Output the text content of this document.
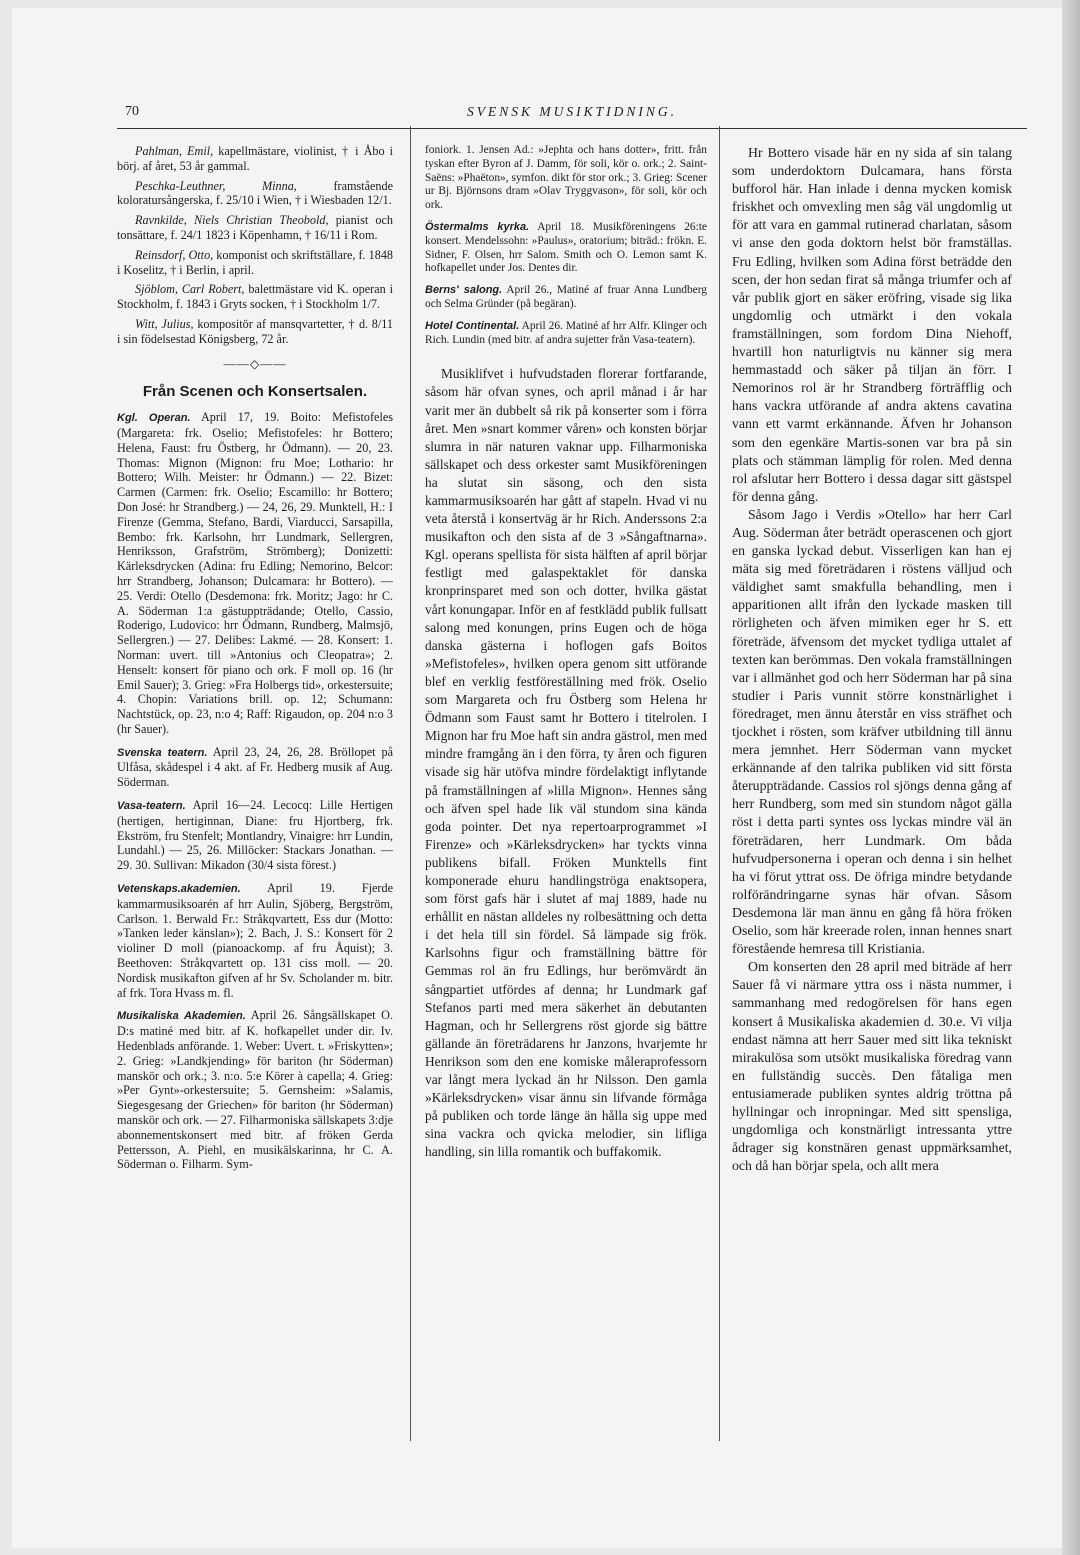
70	SVENSK MUSIKTIDNING.

Pahlman, Emil, kapellmästare, violinist, † i Åbo i börj. af året, 53 år gammal.

Peschka-Leuthner, Minna,	framstående koloratursångerska, f. 25/10 i Wien, † i Wiesbaden 12/1.

Ravnkilde, Niels Christian Theobold, pianist och tonsättare, f. 24/1 1823 i Köpenhamn, † 16/11 i Rom.

Reinsdorf, Otto, komponist och skriftställare, f. 1848 i Koselitz, † i Berlin, i april.

Sjöblom, Carl Robert, balettmästare vid K. operan i Stockholm, f. 1843 i Gryts socken, † i Stockholm 1/7.

Witt, Julius, kompositör af mansqvartetter, † d. 8/11 i sin födelsestad Königsberg, 72 år.

——◇——
Från Scenen och Konsertsalen.

Kgl. Operan. April 17, 19. Boito: Mefistofeles (Margareta: frk. Oselio; Mefistofeles: hr Bottero; Helena, Faust: fru Östberg, hr Ödmann). — 20, 23. Thomas: Mignon (Mignon: fru Moe; Lothario: hr Bottero; Wilh. Meister: hr Ödmann.) — 22. Bizet: Carmen (Carmen: frk. Oselio; Escamillo: hr Bottero; Don José: hr Strandberg.) — 24, 26, 29. Munktell, H.: I Firenze (Gemma, Stefano, Bardi, Viarducci, Sarsapilla, Bembo: frk. Karlsohn, hrr Lundmark, Sellergren, Henriksson, Grafström, Strömberg); Donizetti: Kärleksdrycken (Adina: fru Edling; Nemorino, Belcor: hrr Strandberg, Johanson; Dulcamara: hr Bottero). — 25. Verdi: Otello (Desdemona: frk. Moritz; Jago: hr C. A. Söderman 1:a gästuppträdande; Otello, Cassio, Roderigo, Ludovico: hrr Ödmann, Rundberg, Malmsjö, Sellergren.) — 27. Delibes: Lakmé. — 28. Konsert: 1. Norman: uvert. till »Antonius och Cleopatra»; 2. Henselt: konsert för piano och ork. F moll op. 16 (hr Emil Sauer); 3. Grieg: »Fra Holbergs tid», orkestersuite; 4. Chopin: Variations brill. op. 12; Schumann: Nachtstück, op. 23, n:o 4; Raff: Rigaudon, op. 204 n:o 3 (hr Sauer).

Svenska teatern. April 23, 24, 26, 28. Bröllopet på Ulfåsa, skådespel i 4 akt. af Fr. Hedberg musik af Aug. Söderman.

Vasa-teatern. April 16—24. Lecocq: Lille Hertigen (hertigen, hertiginnan, Diane: fru Hjortberg, frk. Ekström, fru Stenfelt; Montlandry, Vinaigre: hrr Lundin, Lundahl.) — 25, 26. Millöcker: Stackars Jonathan. — 29. 30. Sullivan: Mikadon (30/4 sista förest.)

Vetenskaps.akademien. April 19. Fjerde kammarmusiksoarén af hrr Aulin, Sjöberg, Bergström, Carlson. 1. Berwald Fr.: Stråkqvartett, Ess dur (Motto: »Tanken leder känslan»); 2. Bach, J. S.: Konsert för 2 violiner D moll (pianoackomp. af fru Åquist); 3. Beethoven: Stråkqvartett op. 131 ciss moll. — 20. Nordisk musikafton gifven af hr Sv. Scholander m. bitr. af frk. Tora Hvass m. fl.

Musikaliska Akademien. April 26. Sångsällskapet O. D:s matiné med bitr. af K. hofkapellet under dir. Iv. Hedenblads anförande. 1. Weber: Uvert. t. »Friskytten»; 2. Grieg: »Landkjending» för bariton (hr Söderman) manskör och ork.; 3. n:o. 5:e Körer à capella; 4. Grieg: »Per Gynt»-orkestersuite; 5. Gernsheim: »Salamis, Siegesgesang der Griechen» för bariton (hr Söderman) manskör och ork. — 27. Filharmoniska sällskapets 3:dje abonnementskonsert med bitr. af fröken Gerda Pettersson, A. Piehl, en musikälskarinna, hr C. A. Söderman o. Filharm. Sym-

foniork. 1. Jensen Ad.: »Jephta och hans dotter», fritt. från tyskan efter Byron af J. Damm, för soli, kör o. ork.; 2. Saint-Saëns: »Phaëton», symfon. dikt för stor ork.; 3. Grieg: Scener ur Bj. Björnsons dram »Olav Tryggvason», för soli, kör och ork.

Östermalms kyrka. April 18. Musikföreningens 26:te konsert. Mendelssohn: »Paulus», oratorium; biträd.: frökn. E. Sidner, F. Olsen, hrr Salom. Smith och O. Lemon samt K. hofkapellet under Jos. Dentes dir.

Berns' salong. April 26., Matiné af fruar Anna Lundberg och Selma Gründer (på begäran).

Hotel Continental. April 26. Matiné af hrr Alfr. Klinger och Rich. Lundin (med bitr. af andra sujetter från Vasa-teatern).

Musiklifvet i hufvudstaden florerar fortfarande, såsom här ofvan synes, och april månad i år har varit mer än dubbelt så rik på konserter som i förra året. Men »snart kommer våren» och konsten börjar slumra in när naturen vaknar upp. Filharmoniska sällskapet och dess orkester samt Musikföreningen ha slutat sin säsong, och den sista kammarmusiksoarén har gått af stapeln. Hvad vi nu veta återstå i konsertväg är hr Rich. Anderssons 2:a musikafton och den sista af de 3 »Sångaftnarna». Kgl. operans spellista för sista hälften af april börjar festligt med galaspektaklet för danska kronprinsparet med son och dotter, hvilka gästat vårt konungapar. Inför en af festklädd publik fullsatt salong med konungen, prins Eugen och de höga danska gästerna i hoflogen gafs Boitos »Mefistofeles», hvilken opera genom sitt utförande blef en verklig festföreställning med frök. Oselio som Margareta och fru Östberg som Helena hr Ödmann som Faust samt hr Bottero i titelrolen. I Mignon har fru Moe haft sin andra gästrol, men med mindre framgång än i den förra, ty åren och figuren visade sig här utöfva mindre fördelaktigt inflytande på framställningen af »lilla Mignon». Hennes sång och äfven spel hade lik väl stundom sina kända goda pointer. Det nya repertoarprogrammet »I Firenze» och »Kärleksdrycken» har tyckts vinna publikens bifall. Fröken Munktells fint komponerade ehuru handlingströga enaktsopera, som först gafs här i slutet af maj 1889, hade nu erhållit en nästan alldeles ny rolbesättning och detta i det hela till sin fördel. Så lämpade sig frök. Karlsohns figur och framställning bättre för Gemmas rol än fru Edlings, hur berömvärdt än sångpartiet utfördes af denna; hr Lundmark gaf Stefanos parti med mera säkerhet än debutanten Hagman, och hr Sellergrens röst gjorde sig bättre gällande än företrädarens hr Janzons, hvarjemte hr Henrikson som den ene komiske måleraprofessorn var långt mera lyckad än hr Nilsson. Den gamla »Kärleksdrycken» visar ännu sin lifvande förmåga på publiken och torde länge än hålla sig uppe med sina vackra och qvicka melodier, sin lifliga handling, sin lilla romantik och buffakomik.

Hr Bottero visade här en ny sida af sin talang som underdoktorn Dulcamara, hans första bufforol här. Han inlade i denna mycken komisk friskhet och omvexling men såg väl ungdomlig ut för att vara en gammal rutinerad charlatan, såsom vi anse den goda doktorn helst bör framställas. Fru Edling, hvilken som Adina först beträdde den scen, der hon sedan firat så många triumfer och af vår publik gjort en säker eröfring, visade sig lika ungdomlig och utmärkt i den vokala framställningen, som fordom Dina Niehoff, hvartill hon naturligtvis nu känner sig mera hemmastadd och säker på tiljan än förr. I Nemorinos rol är hr Strandberg förträfflig och hans vackra utförande af andra aktens cavatina vann ett varmt erkännande. Äfven hr Johanson som den egenkäre Martis-sonen var bra på sin plats och stämman lämplig för rolen. Med denna rol afslutar herr Bottero i dessa dagar sitt gästspel för denna gång.

Såsom Jago i Verdis »Otello» har herr Carl Aug. Söderman åter beträdt operascenen och gjort en ganska lyckad debut. Visserligen kan han ej mäta sig med företrädaren i röstens välljud och väldighet samt smakfulla behandling, men i apparitionen allt ifrån den lyckade masken till rörligheten och äfven mimiken eger hr S. ett företräde, äfvensom det mycket tydliga uttalet af texten kan berömmas. Den vokala framställningen var i allmänhet god och herr Söderman har på sina studier i Paris vunnit större konstnärlighet i föredraget, men ännu återstår en viss sträfhet och tjockhet i rösten, som kräfver utbildning till ännu mera jemnhet. Herr Söderman vann mycket erkännande af den talrika publiken vid sitt första återuppträdande. Cassios rol sjöngs denna gång af herr Rundberg, som med sin stundom något gälla röst i detta parti syntes oss lyckas mindre väl än företrädaren, herr Lundmark. Om båda hufvudpersonerna i operan och denna i sin helhet ha vi förut yttrat oss. De öfriga mindre betydande rolförändringarne synas här ofvan. Såsom Desdemona lär man ännu en gång få höra fröken Oselio, som här kreerade rolen, innan hennes snart förestående hemresa till Kristiania.

Om konserten den 28 april med biträde af herr Sauer få vi närmare yttra oss i nästa nummer, i sammanhang med redogörelsen för hans egen konsert å Musikaliska akademien d. 30.e. Vi vilja endast nämna att herr Sauer med sitt lika tekniskt mirakulösa som utsökt musikaliska föredrag vann en fullständig succès. Den fåtaliga men entusiamerade publiken syntes aldrig tröttna på hyllningar och inropningar. Med sitt spensliga, ungdomliga och konstnärligt intressanta yttre ådrager sig konstnären genast uppmärksamhet, och då han börjar spela, och allt mera
